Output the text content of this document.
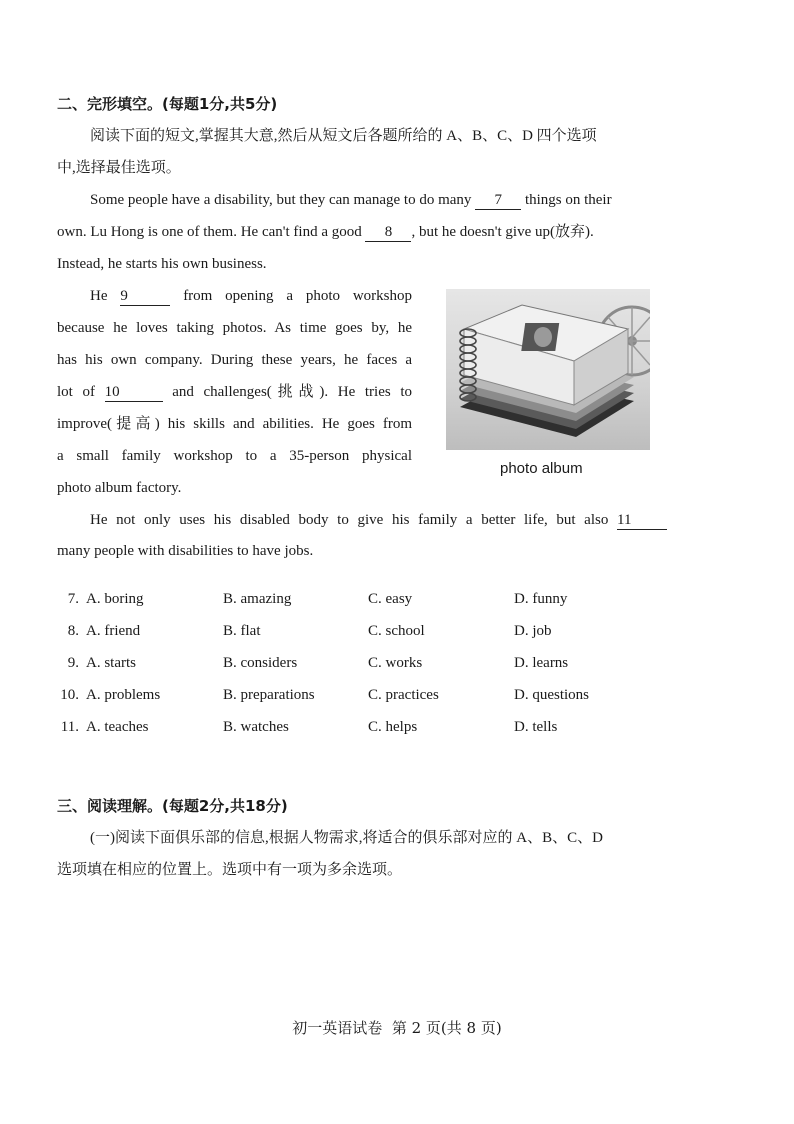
二、完形填空。(每题1分,共5分)
阅读下面的短文,掌握其大意,然后从短文后各题所给的 A、B、C、D 四个选项
中,选择最佳选项。
Some people have a disability, but they can manage to do many 7 things on their
own. Lu Hong is one of them. He can't find a good 8 , but he doesn't give up(放弃).
Instead, he starts his own business.
He 9	from opening a photo workshop
because he loves taking photos. As time goes by, he
has his own company. During these years, he faces a
lot of 10	and challenges(挑战). He tries to
improve(提高) his skills and abilities. He goes from
a small family workshop to a 35-person physical
photo album factory.
photo album
He not only uses his disabled body to give his family a better life, but also 11
many people with disabilities to have jobs.
7. A. boring	B. amazing	C. easy	D. funny
8. A. friend	B. flat	C. school	D. job
9. A. starts	B. considers	C. works	D. learns
10. A. problems	B. preparations	C. practices	D. questions
11. A. teaches	B. watches	C. helps	D. tells
三、阅读理解。(每题2分,共18分)
(一)阅读下面俱乐部的信息,根据人物需求,将适合的俱乐部对应的 A、B、C、D
选项填在相应的位置上。选项中有一项为多余选项。
初一英语试卷  第 2 页(共 8 页)
